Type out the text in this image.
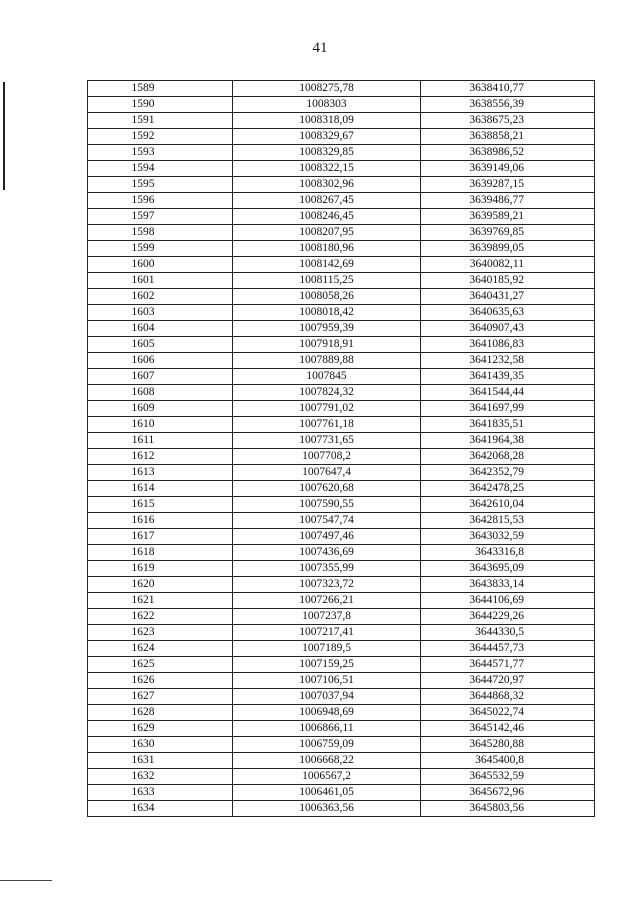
41
1589	1008275,78	3638410,77
1590	1008303	3638556,39
1591	1008318,09	3638675,23
1592	1008329,67	3638858,21
1593	1008329,85	3638986,52
1594	1008322,15	3639149,06
1595	1008302,96	3639287,15
1596	1008267,45	3639486,77
1597	1008246,45	3639589,21
1598	1008207,95	3639769,85
1599	1008180,96	3639899,05
1600	1008142,69	3640082,11
1601	1008115,25	3640185,92
1602	1008058,26	3640431,27
1603	1008018,42	3640635,63
1604	1007959,39	3640907,43
1605	1007918,91	3641086,83
1606	1007889,88	3641232,58
1607	1007845	3641439,35
1608	1007824,32	3641544,44
1609	1007791,02	3641697,99
1610	1007761,18	3641835,51
1611	1007731,65	3641964,38
1612	1007708,2	3642068,28
1613	1007647,4	3642352,79
1614	1007620,68	3642478,25
1615	1007590,55	3642610,04
1616	1007547,74	3642815,53
1617	1007497,46	3643032,59
1618	1007436,69	3643316,8
1619	1007355,99	3643695,09
1620	1007323,72	3643833,14
1621	1007266,21	3644106,69
1622	1007237,8	3644229,26
1623	1007217,41	3644330,5
1624	1007189,5	3644457,73
1625	1007159,25	3644571,77
1626	1007106,51	3644720,97
1627	1007037,94	3644868,32
1628	1006948,69	3645022,74
1629	1006866,11	3645142,46
1630	1006759,09	3645280,88
1631	1006668,22	3645400,8
1632	1006567,2	3645532,59
1633	1006461,05	3645672,96
1634	1006363,56	3645803,56
